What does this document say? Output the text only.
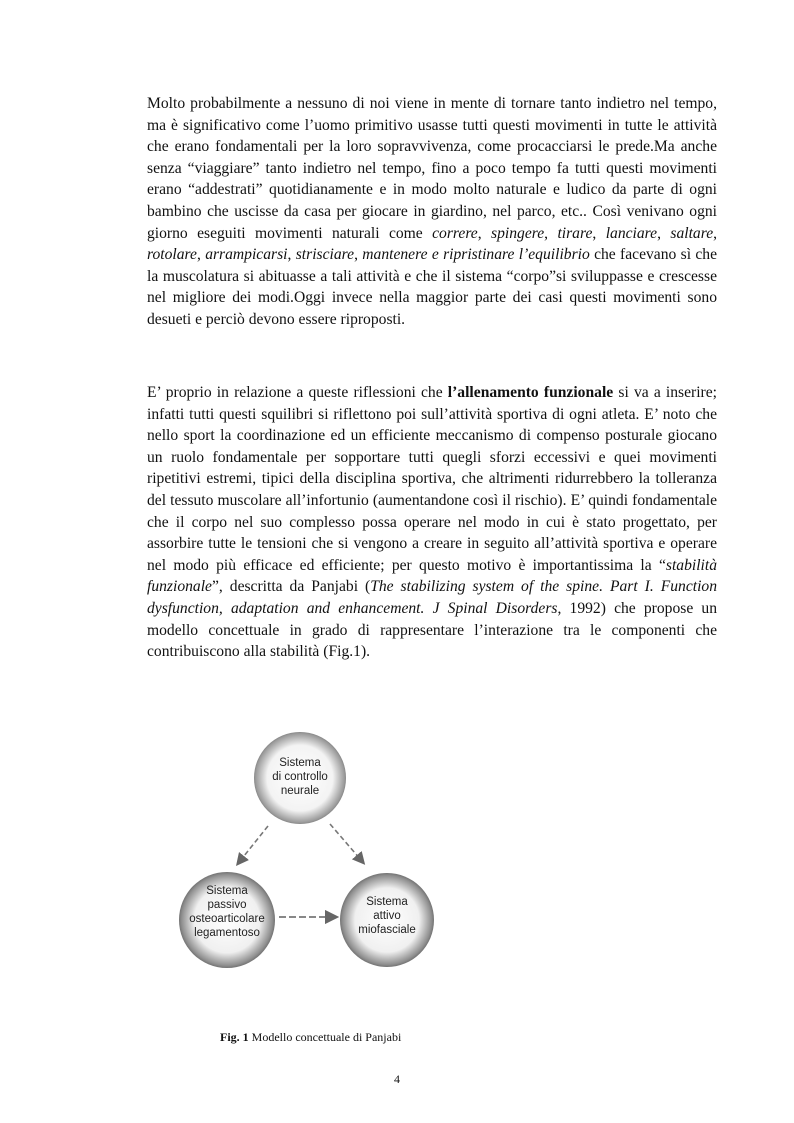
Molto probabilmente a nessuno di noi viene in mente di tornare tanto indietro nel tempo, ma è significativo come l’uomo primitivo usasse tutti questi movimenti in tutte le attività che erano fondamentali per la loro sopravvivenza, come procacciarsi le prede.Ma anche senza “viaggiare” tanto indietro nel tempo, fino a poco tempo fa tutti questi movimenti erano “addestrati” quotidianamente e in modo molto naturale e ludico da parte di ogni bambino che uscisse da casa per giocare in giardino, nel parco, etc.. Così venivano ogni giorno eseguiti movimenti naturali come correre, spingere, tirare, lanciare, saltare, rotolare, arrampicarsi, strisciare, mantenere e ripristinare l’equilibrio che facevano sì che la muscolatura si abituasse a tali attività e che il sistema “corpo”si sviluppasse e crescesse nel migliore dei modi.Oggi invece nella maggior parte dei casi questi movimenti sono desueti e perciò devono essere riproposti.

E’ proprio in relazione a queste riflessioni che l’allenamento funzionale si va a inserire; infatti tutti questi squilibri si riflettono poi sull’attività sportiva di ogni atleta. E’ noto che nello sport la coordinazione ed un efficiente meccanismo di compenso posturale giocano un ruolo fondamentale per sopportare tutti quegli sforzi eccessivi e quei movimenti ripetitivi estremi, tipici della disciplina sportiva, che altrimenti ridurrebbero la tolleranza del tessuto muscolare all’infortunio (aumentandone così il rischio). E’ quindi fondamentale che il corpo nel suo complesso possa operare nel modo in cui è stato progettato, per assorbire tutte le tensioni che si vengono a creare in seguito all’attività sportiva e operare nel modo più efficace ed efficiente; per questo motivo è importantissima la “stabilità funzionale”, descritta da Panjabi (The stabilizing system of the spine. Part I. Function dysfunction, adaptation and enhancement. J Spinal Disorders, 1992) che propose un modello concettuale in grado di rappresentare l’interazione tra le componenti che contribuiscono alla stabilità (Fig.1).

Sistema
di controllo
neurale
Sistema
passivo
osteoarticolare
legamentoso
Sistema
attivo
miofasciale

Fig. 1 Modello concettuale di Panjabi

4
